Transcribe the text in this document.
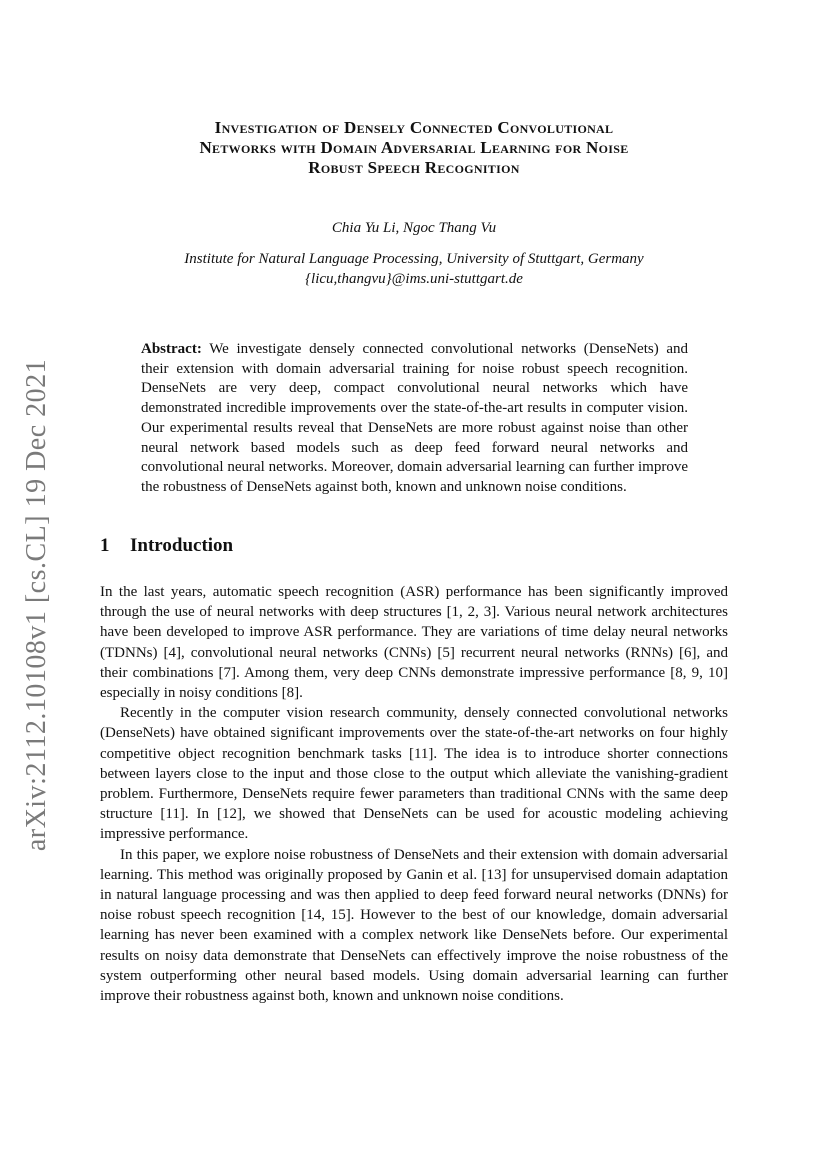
arXiv:2112.10108v1 [cs.CL] 19 Dec 2021
Investigation of Densely Connected Convolutional
Networks with Domain Adversarial Learning for Noise
Robust Speech Recognition
Chia Yu Li, Ngoc Thang Vu
Institute for Natural Language Processing, University of Stuttgart, Germany
{licu,thangvu}@ims.uni-stuttgart.de
Abstract: We investigate densely connected convolutional networks (DenseNets) and their extension with domain adversarial training for noise robust speech recognition. DenseNets are very deep, compact convolutional neural networks which have demonstrated incredible improvements over the state-of-the-art results in computer vision. Our experimental results reveal that DenseNets are more robust against noise than other neural network based models such as deep feed forward neural networks and convolutional neural networks. Moreover, domain adversarial learning can further improve the robustness of DenseNets against both, known and unknown noise conditions.
1 Introduction

In the last years, automatic speech recognition (ASR) performance has been significantly improved through the use of neural networks with deep structures [1, 2, 3]. Various neural network architectures have been developed to improve ASR performance. They are variations of time delay neural networks (TDNNs) [4], convolutional neural networks (CNNs) [5] recurrent neural networks (RNNs) [6], and their combinations [7]. Among them, very deep CNNs demonstrate impressive performance [8, 9, 10] especially in noisy conditions [8].

Recently in the computer vision research community, densely connected convolutional networks (DenseNets) have obtained significant improvements over the state-of-the-art networks on four highly competitive object recognition benchmark tasks [11]. The idea is to introduce shorter connections between layers close to the input and those close to the output which alleviate the vanishing-gradient problem. Furthermore, DenseNets require fewer parameters than traditional CNNs with the same deep structure [11]. In [12], we showed that DenseNets can be used for acoustic modeling achieving impressive performance.

In this paper, we explore noise robustness of DenseNets and their extension with domain adversarial learning. This method was originally proposed by Ganin et al. [13] for unsupervised domain adaptation in natural language processing and was then applied to deep feed forward neural networks (DNNs) for noise robust speech recognition [14, 15]. However to the best of our knowledge, domain adversarial learning has never been examined with a complex network like DenseNets before. Our experimental results on noisy data demonstrate that DenseNets can effectively improve the noise robustness of the system outperforming other neural based models. Using domain adversarial learning can further improve their robustness against both, known and unknown noise conditions.
